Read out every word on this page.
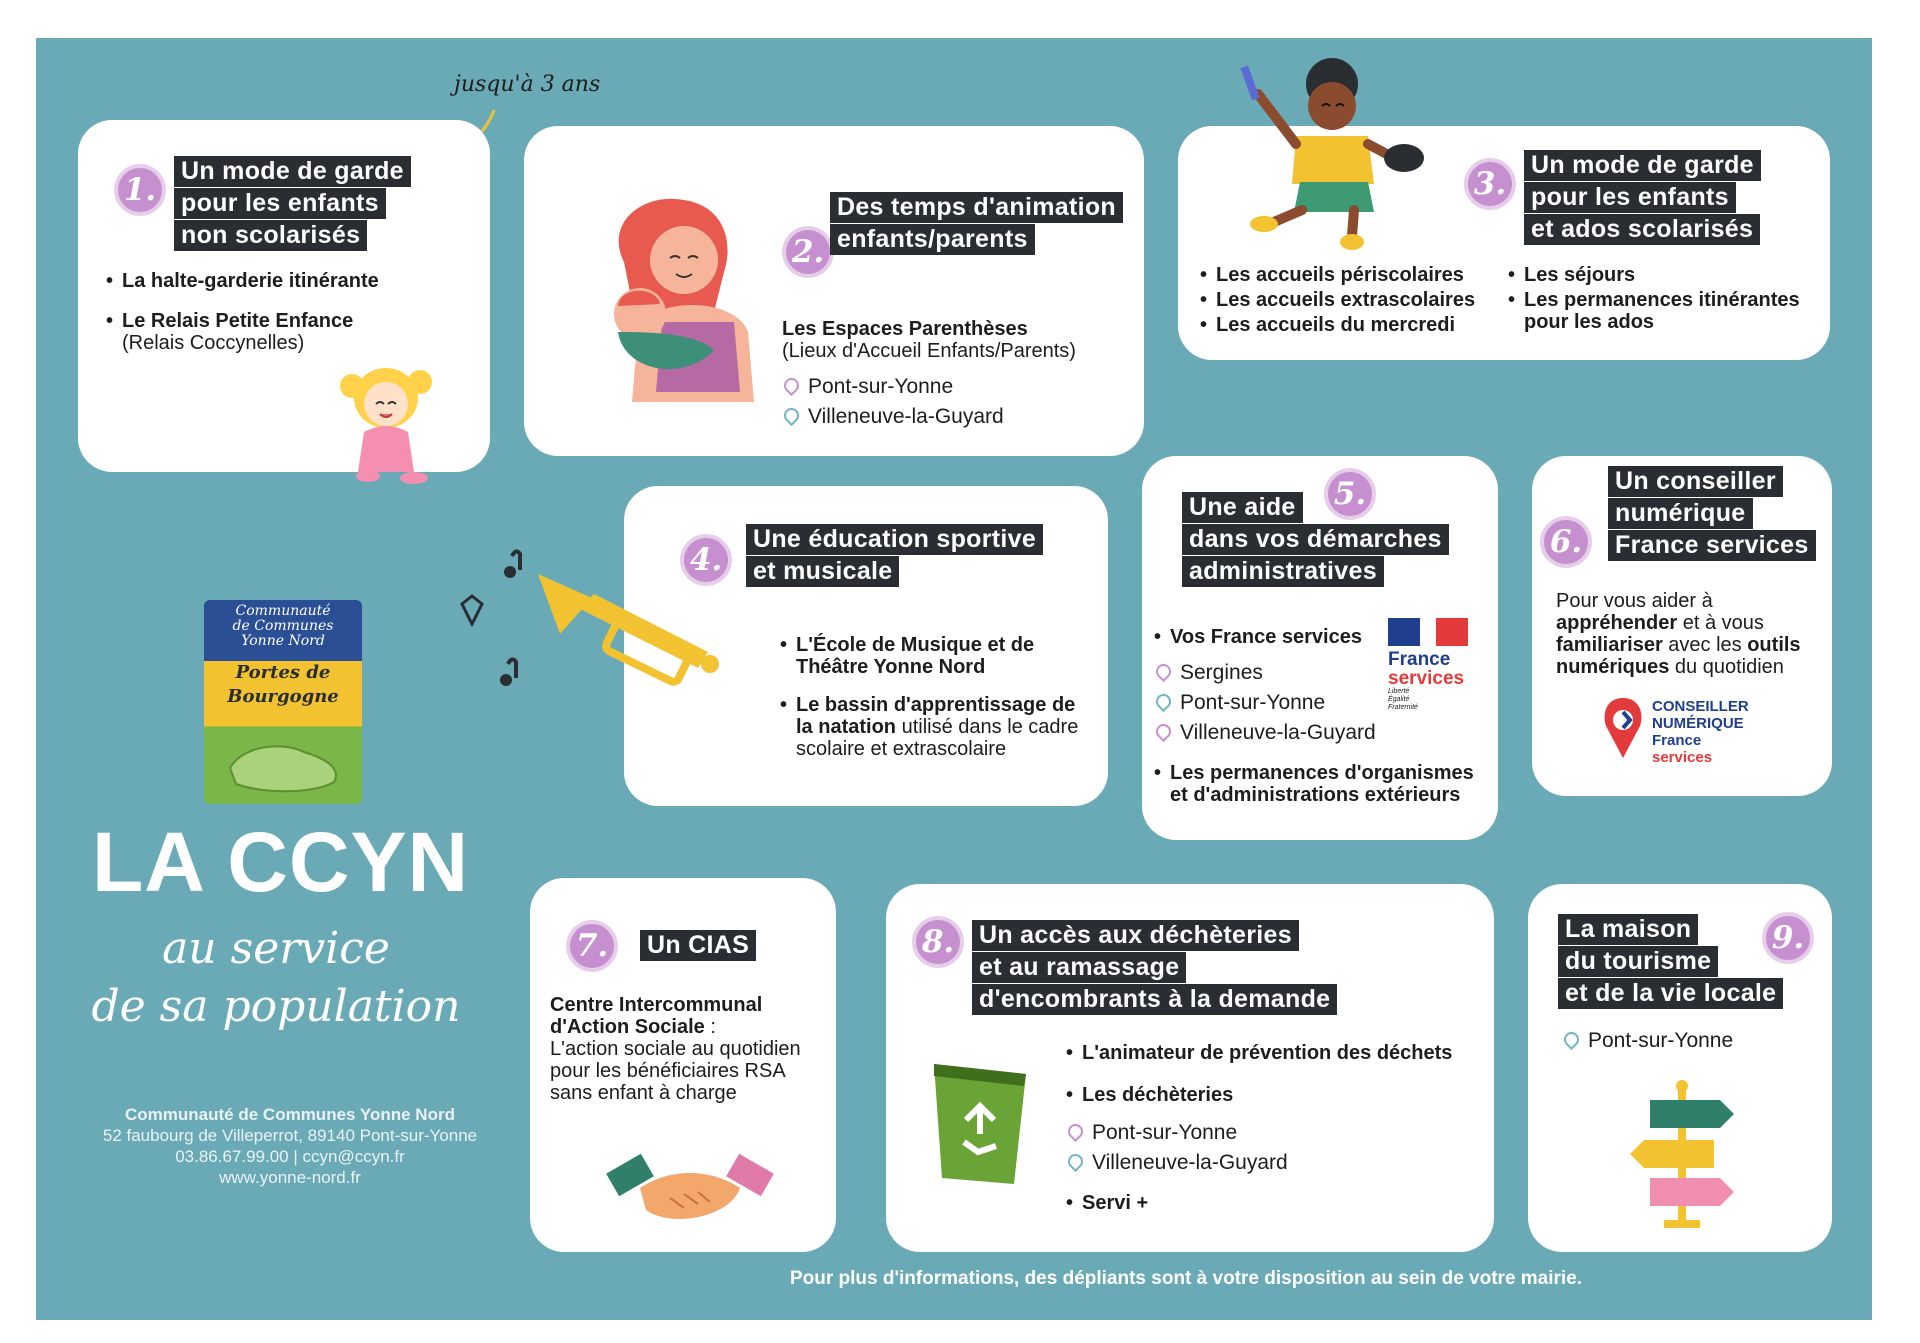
jusqu'à 3 ans
1.
Un mode de garde
pour les enfants
non scolarisés
• La halte-garderie itinérante
• Le Relais Petite Enfance
(Relais Coccynelles)
2.
Des temps d'animation
enfants/parents
Les Espaces Parenthèses
(Lieux d'Accueil Enfants/Parents)
Pont-sur-Yonne
Villeneuve-la-Guyard
3.
Un mode de garde
pour les enfants
et ados scolarisés
• Les accueils périscolaires
• Les accueils extrascolaires
• Les accueils du mercredi
• Les séjours
• Les permanences itinérantes pour les ados
4.
Une éducation sportive
et musicale
• L'École de Musique et de Théâtre Yonne Nord
• Le bassin d'apprentissage de la natation utilisé dans le cadre scolaire et extrascolaire
5.
Une aide
dans vos démarches
administratives
France
services
Liberté Égalité Fraternité
• Vos France services
Sergines
Pont-sur-Yonne
Villeneuve-la-Guyard
• Les permanences d'organismes et d'administrations extérieurs
6.
Un conseiller
numérique
France services
Pour vous aider à appréhender et à vous familiariser avec les outils numériques du quotidien
CONSEILLER
NUMÉRIQUE
France
services
Communauté
de Communes
Yonne Nord
Portes de
Bourgogne
LA CCYN
au service
de sa population
Communauté de Communes Yonne Nord
52 faubourg de Villeperrot, 89140 Pont-sur-Yonne
03.86.67.99.00 | ccyn@ccyn.fr
www.yonne-nord.fr
7. Un CIAS
Centre Intercommunal d'Action Sociale :
L'action sociale au quotidien pour les bénéficiaires RSA sans enfant à charge
8. Un accès aux déchèteries
et au ramassage
d'encombrants à la demande
• L'animateur de prévention des déchets
• Les déchèteries
Pont-sur-Yonne
Villeneuve-la-Guyard
• Servi +
9.
La maison
du tourisme
et de la vie locale
Pont-sur-Yonne
Pour plus d'informations, des dépliants sont à votre disposition au sein de votre mairie.
